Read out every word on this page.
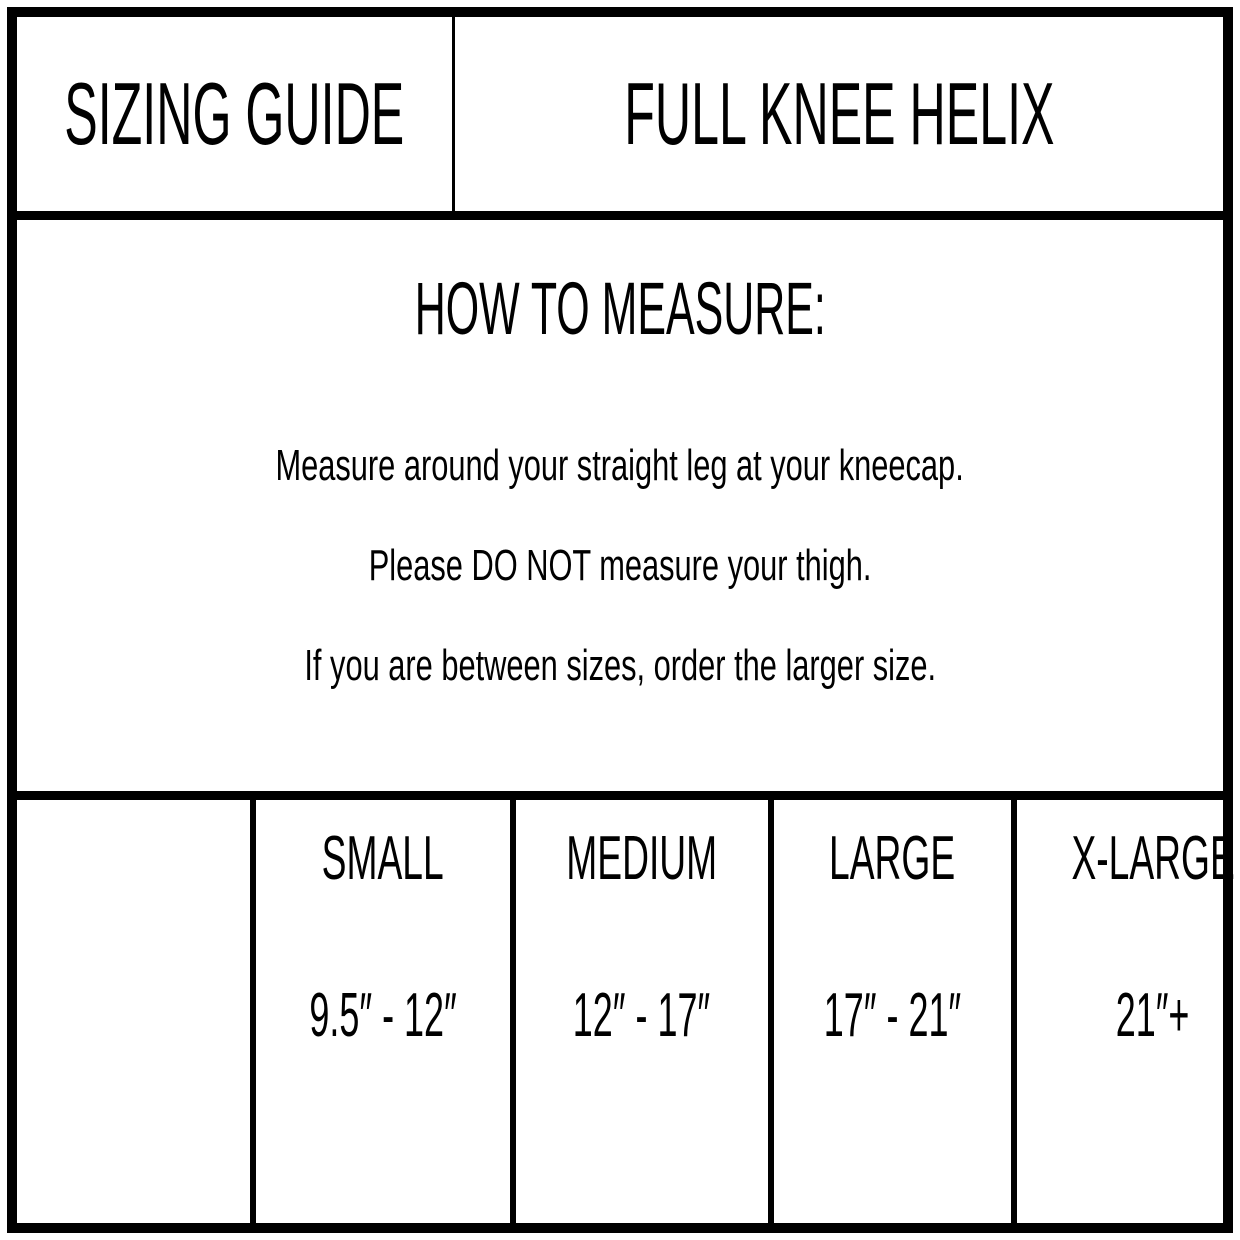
SIZING GUIDE FULL KNEE HELIX
HOW TO MEASURE:
Measure around your straight leg at your kneecap.
Please DO NOT measure your thigh.
If you are between sizes, order the larger size.
SMALL
9.5″ - 12″
MEDIUM
12″ - 17″
LARGE
17″ - 21″
X-LARGE
21″+
